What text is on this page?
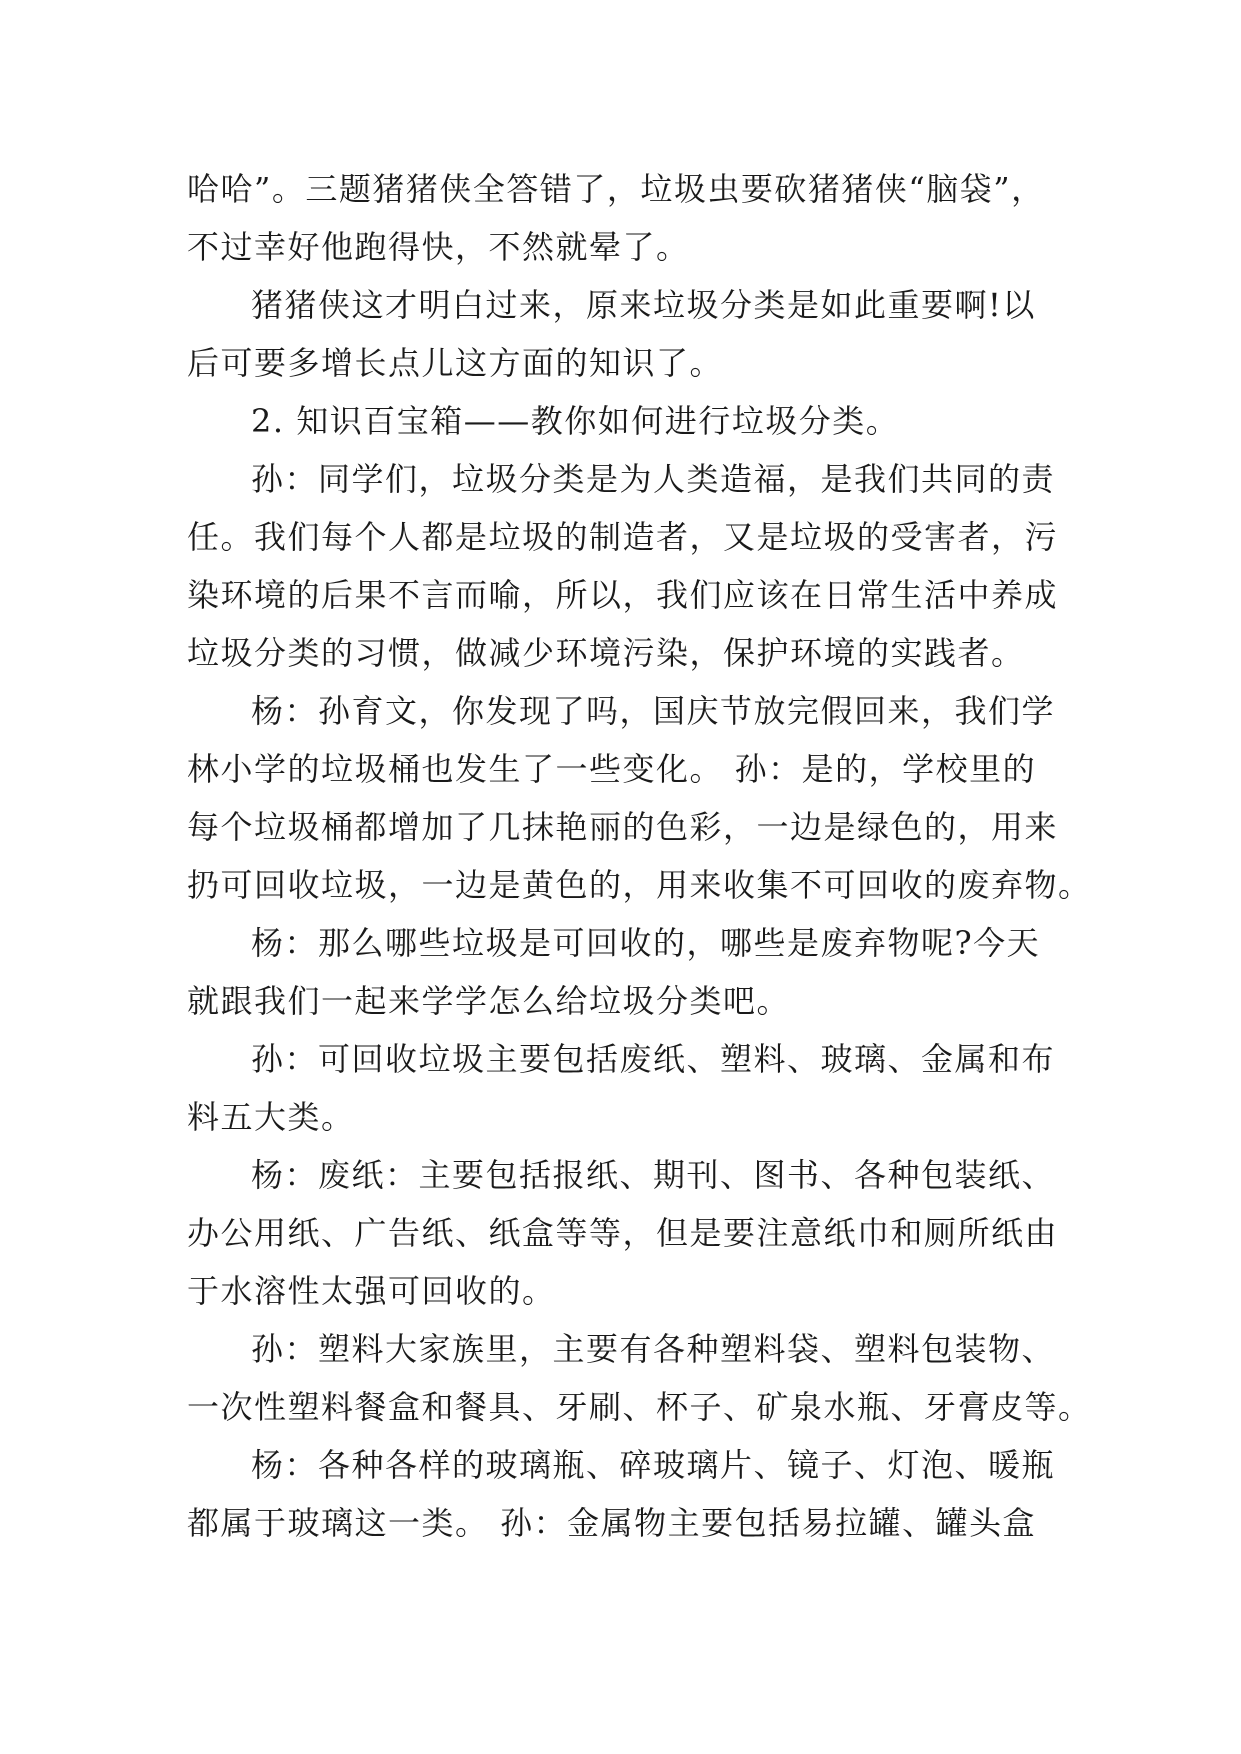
哈哈”。三题猪猪侠全答错了，垃圾虫要砍猪猪侠“脑袋”，
不过幸好他跑得快，不然就晕了。
猪猪侠这才明白过来，原来垃圾分类是如此重要啊!以
后可要多增长点儿这方面的知识了。
2. 知识百宝箱——教你如何进行垃圾分类。
孙：同学们，垃圾分类是为人类造福，是我们共同的责
任。我们每个人都是垃圾的制造者，又是垃圾的受害者，污
染环境的后果不言而喻，所以，我们应该在日常生活中养成
垃圾分类的习惯，做减少环境污染，保护环境的实践者。
杨：孙育文，你发现了吗，国庆节放完假回来，我们学
林小学的垃圾桶也发生了一些变化。 孙：是的，学校里的
每个垃圾桶都增加了几抹艳丽的色彩，一边是绿色的，用来
扔可回收垃圾，一边是黄色的，用来收集不可回收的废弃物。
杨：那么哪些垃圾是可回收的，哪些是废弃物呢?今天
就跟我们一起来学学怎么给垃圾分类吧。
孙：可回收垃圾主要包括废纸、塑料、玻璃、金属和布
料五大类。
杨：废纸：主要包括报纸、期刊、图书、各种包装纸、
办公用纸、广告纸、纸盒等等，但是要注意纸巾和厕所纸由
于水溶性太强可回收的。
孙：塑料大家族里，主要有各种塑料袋、塑料包装物、
一次性塑料餐盒和餐具、牙刷、杯子、矿泉水瓶、牙膏皮等。
杨：各种各样的玻璃瓶、碎玻璃片、镜子、灯泡、暖瓶
都属于玻璃这一类。 孙：金属物主要包括易拉罐、罐头盒
